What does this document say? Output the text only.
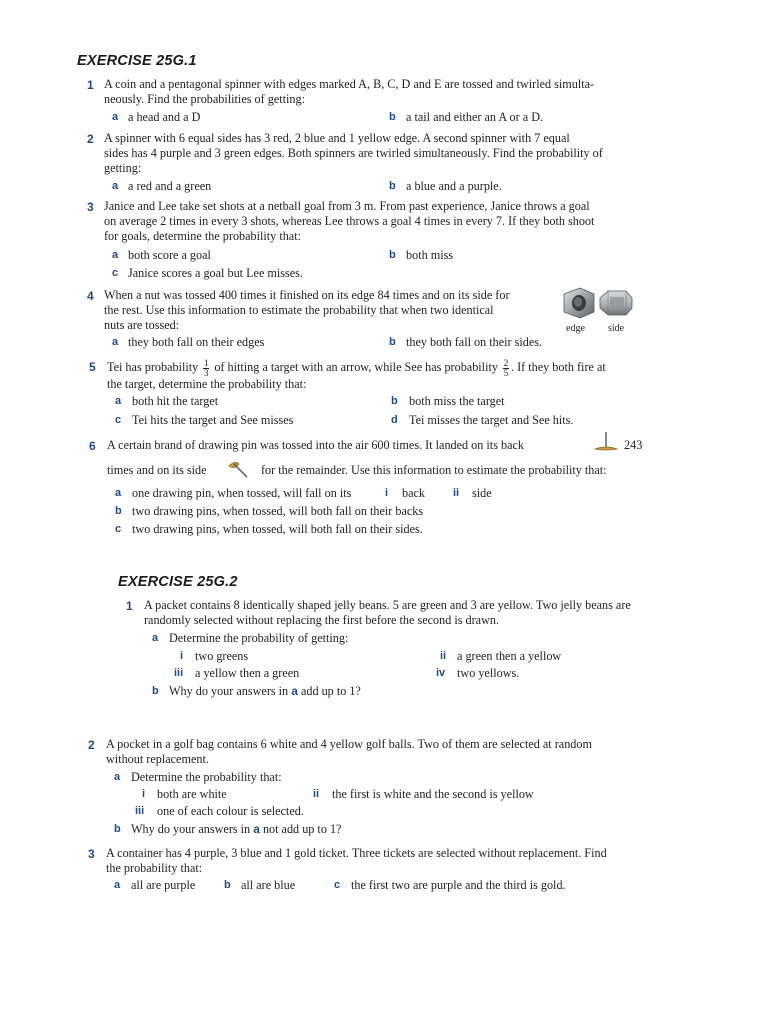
EXERCISE 25G.1
1 A coin and a pentagonal spinner with edges marked A, B, C, D and E are tossed and twirled simulta-
neously. Find the probabilities of getting:
a a head and a D	b a tail and either an A or a D.
2 A spinner with 6 equal sides has 3 red, 2 blue and 1 yellow edge. A second spinner with 7 equal
sides has 4 purple and 3 green edges. Both spinners are twirled simultaneously. Find the probability of
getting:
a a red and a green	b a blue and a purple.
3 Janice and Lee take set shots at a netball goal from 3 m. From past experience, Janice throws a goal
on average 2 times in every 3 shots, whereas Lee throws a goal 4 times in every 7. If they both shoot
for goals, determine the probability that:
a both score a goal	b both miss
c Janice scores a goal but Lee misses.
4 When a nut was tossed 400 times it finished on its edge 84 times and on its side for
the rest. Use this information to estimate the probability that when two identical
nuts are tossed:
a they both fall on their edges	b they both fall on their sides.
edge side
5 Tei has probability $\frac{1}{3}$ of hitting a target with an arrow, while See has probability $\frac{2}{5}$ . If they both fire at
the target, determine the probability that:
a both hit the target	b both miss the target
c Tei hits the target and See misses	d Tei misses the target and See hits.
6 A certain brand of drawing pin was tossed into the air 600 times. It landed on its back	243
times and on its side	for the remainder. Use this information to estimate the probability that:
a one drawing pin, when tossed, will fall on its	i back	ii side
b two drawing pins, when tossed, will both fall on their backs
c two drawing pins, when tossed, will both fall on their sides.
EXERCISE 25G.2
1 A packet contains 8 identically shaped jelly beans. 5 are green and 3 are yellow. Two jelly beans are
randomly selected without replacing the first before the second is drawn.
a Determine the probability of getting:
i two greens	ii a green then a yellow
iii a yellow then a green	iv two yellows.
b Why do your answers in a add up to 1?
2 A pocket in a golf bag contains 6 white and 4 yellow golf balls. Two of them are selected at random
without replacement.
a Determine the probability that:
i both are white	ii the first is white and the second is yellow
iii one of each colour is selected.
b Why do your answers in a not add up to 1?
3 A container has 4 purple, 3 blue and 1 gold ticket. Three tickets are selected without replacement. Find
the probability that:
a all are purple	b all are blue	c the first two are purple and the third is gold.
